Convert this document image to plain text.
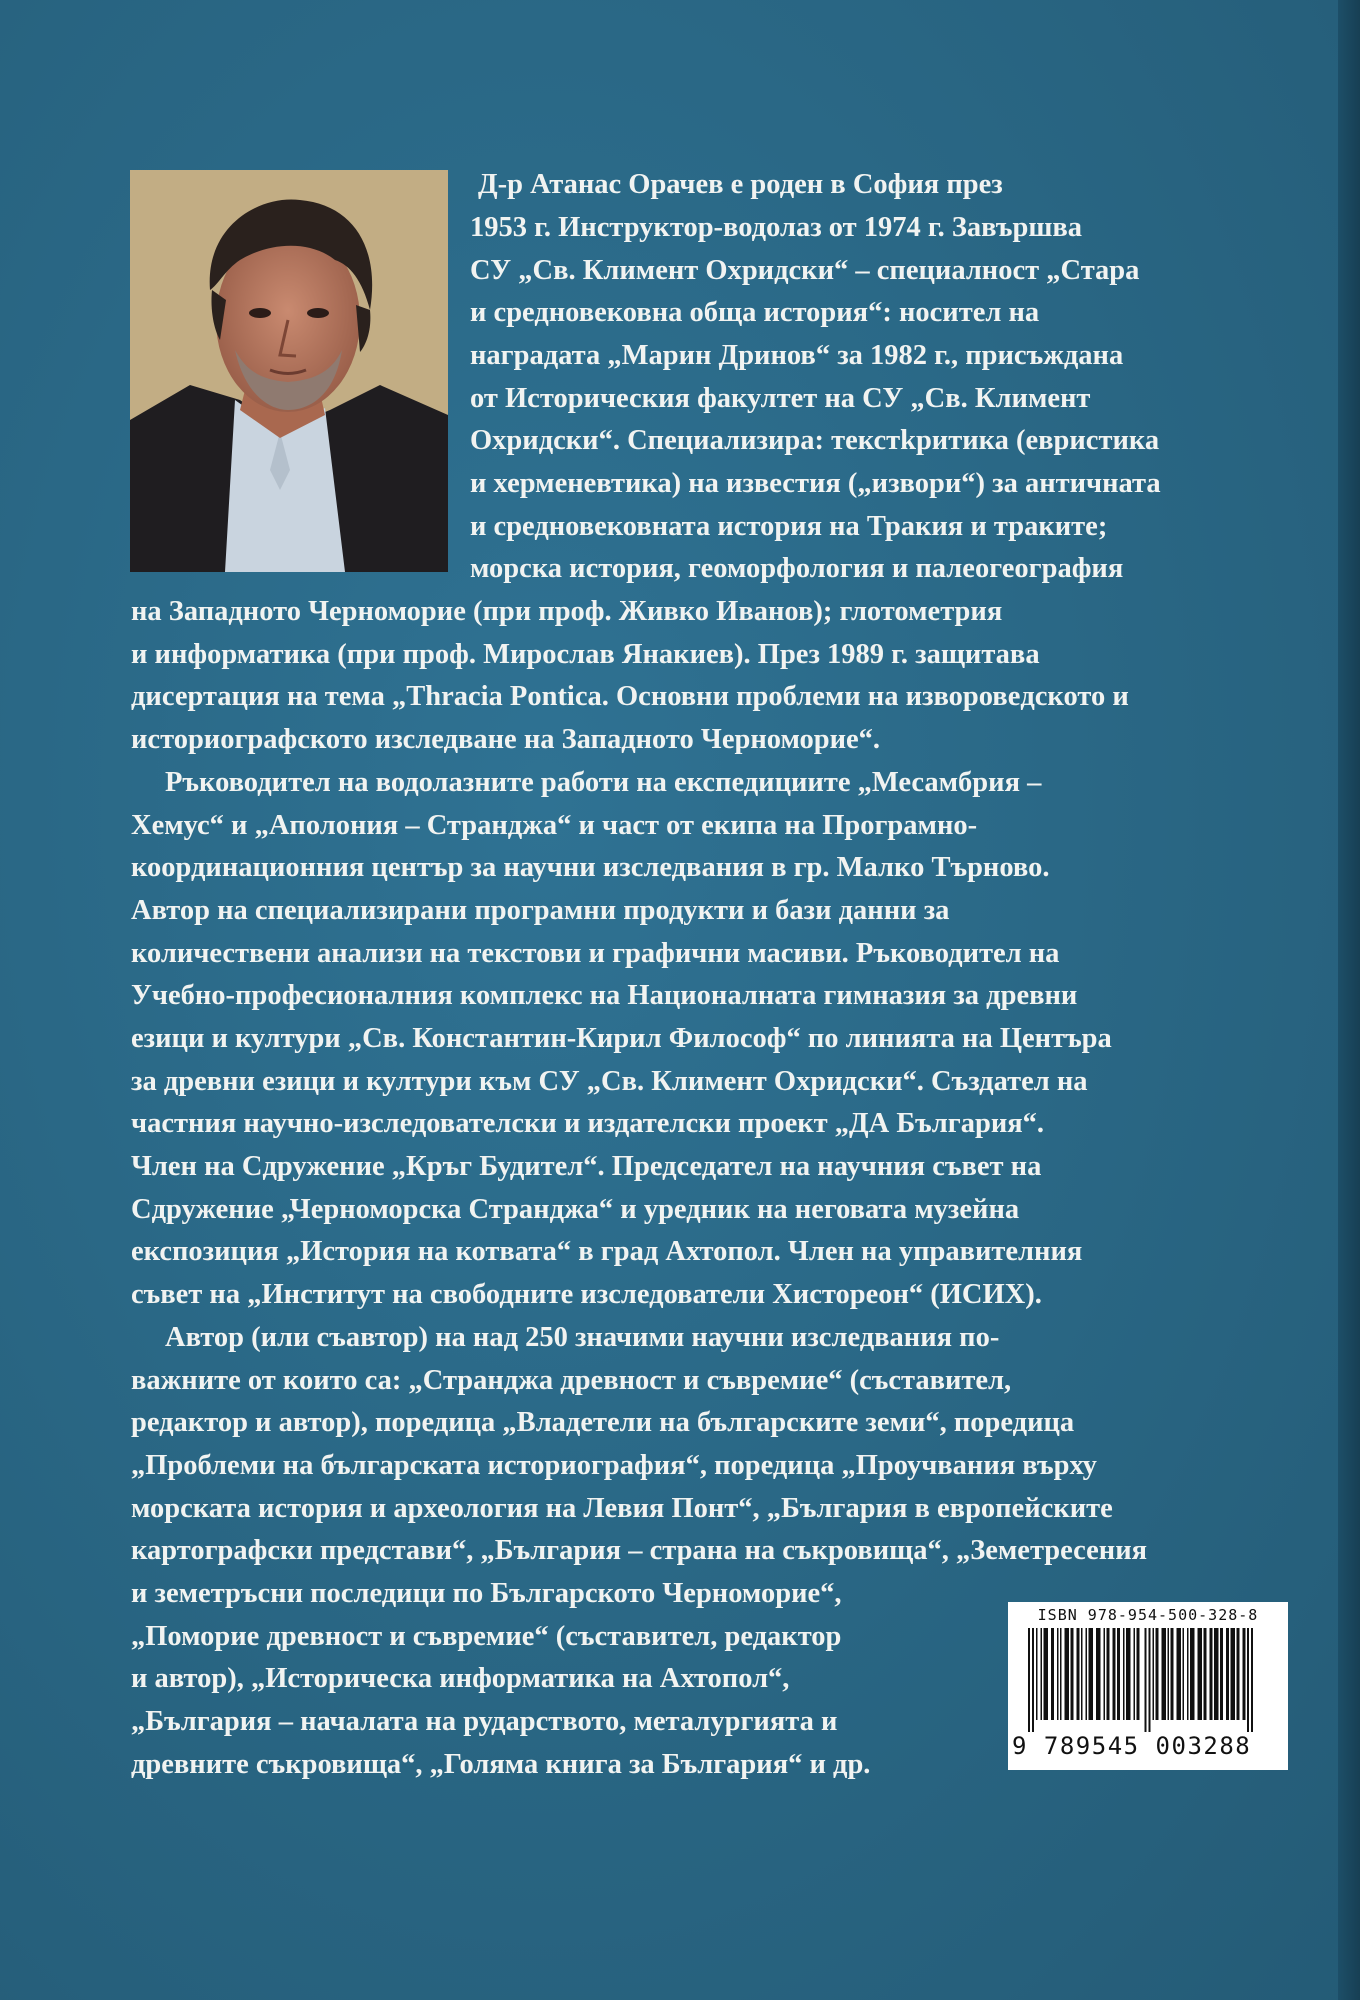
Д-р Атанас Орачев е роден в София през
1953 г. Инструктор-водолаз от 1974 г. Завършва
СУ „Св. Климент Охридски“ – специалност „Стара
и средновековна обща история“: носител на
наградата „Марин Дринов“ за 1982 г., присъждана
от Историческия факултет на СУ „Св. Климент
Охридски“. Специализира: текстkритика (евристика
и херменевтика) на известия („извори“) за античната
и средновековната история на Тракия и траките;
морска история, геоморфология и палеогеография
на Западното Черноморие (при проф. Живко Иванов); глотометрия
и информатика (при проф. Мирослав Янакиев). През 1989 г. защитава
дисертация на тема „Thracia Pontica. Основни проблеми на изворовeдското и
историографското изследване на Западното Черноморие“.
Ръководител на водолазните работи на експедициите „Месамбрия –
Хемус“ и „Аполония – Странджа“ и част от екипа на Програмно-
координационния център за научни изследвания в гр. Малко Търново.
Автор на специализирани програмни продукти и бази данни за
количествени анализи на текстови и графични масиви. Ръководител на
Учебно-професионалния комплекс на Националната гимназия за древни
езици и култури „Св. Константин-Кирил Философ“ по линията на Центъра
за древни езици и култури към СУ „Св. Климент Охридски“. Създател на
частния научно-изследователски и издателски проект „ДА България“.
Член на Сдружение „Кръг Будител“. Председател на научния съвет на
Сдружение „Черноморска Странджа“ и уредник на неговата музейна
експозиция „История на котвата“ в град Ахтопол. Член на управителния
съвет на „Институт на свободните изследователи Хистореон“ (ИСИХ).
Автор (или съавтор) на над 250 значими научни изследвания по-
важните от които са: „Странджа древност и съвремие“ (съставител,
редактор и автор), поредица „Владетели на българските земи“, поредица
„Проблеми на българската историография“, поредица „Проучвания върху
морската история и археология на Левия Понт“, „България в европейските
картографски представи“, „България – страна на съкровища“, „Земетресения
и земетръсни последици по Българското Черноморие“,
„Поморие древност и съвремие“ (съставител, редактор
и автор), „Историческа информатика на Ахтопол“,
„България – началата на рударството, металургията и
древните съкровища“, „Голяма книга за България“ и др.
ISBN 978-954-500-328-8
9 789545 003288
